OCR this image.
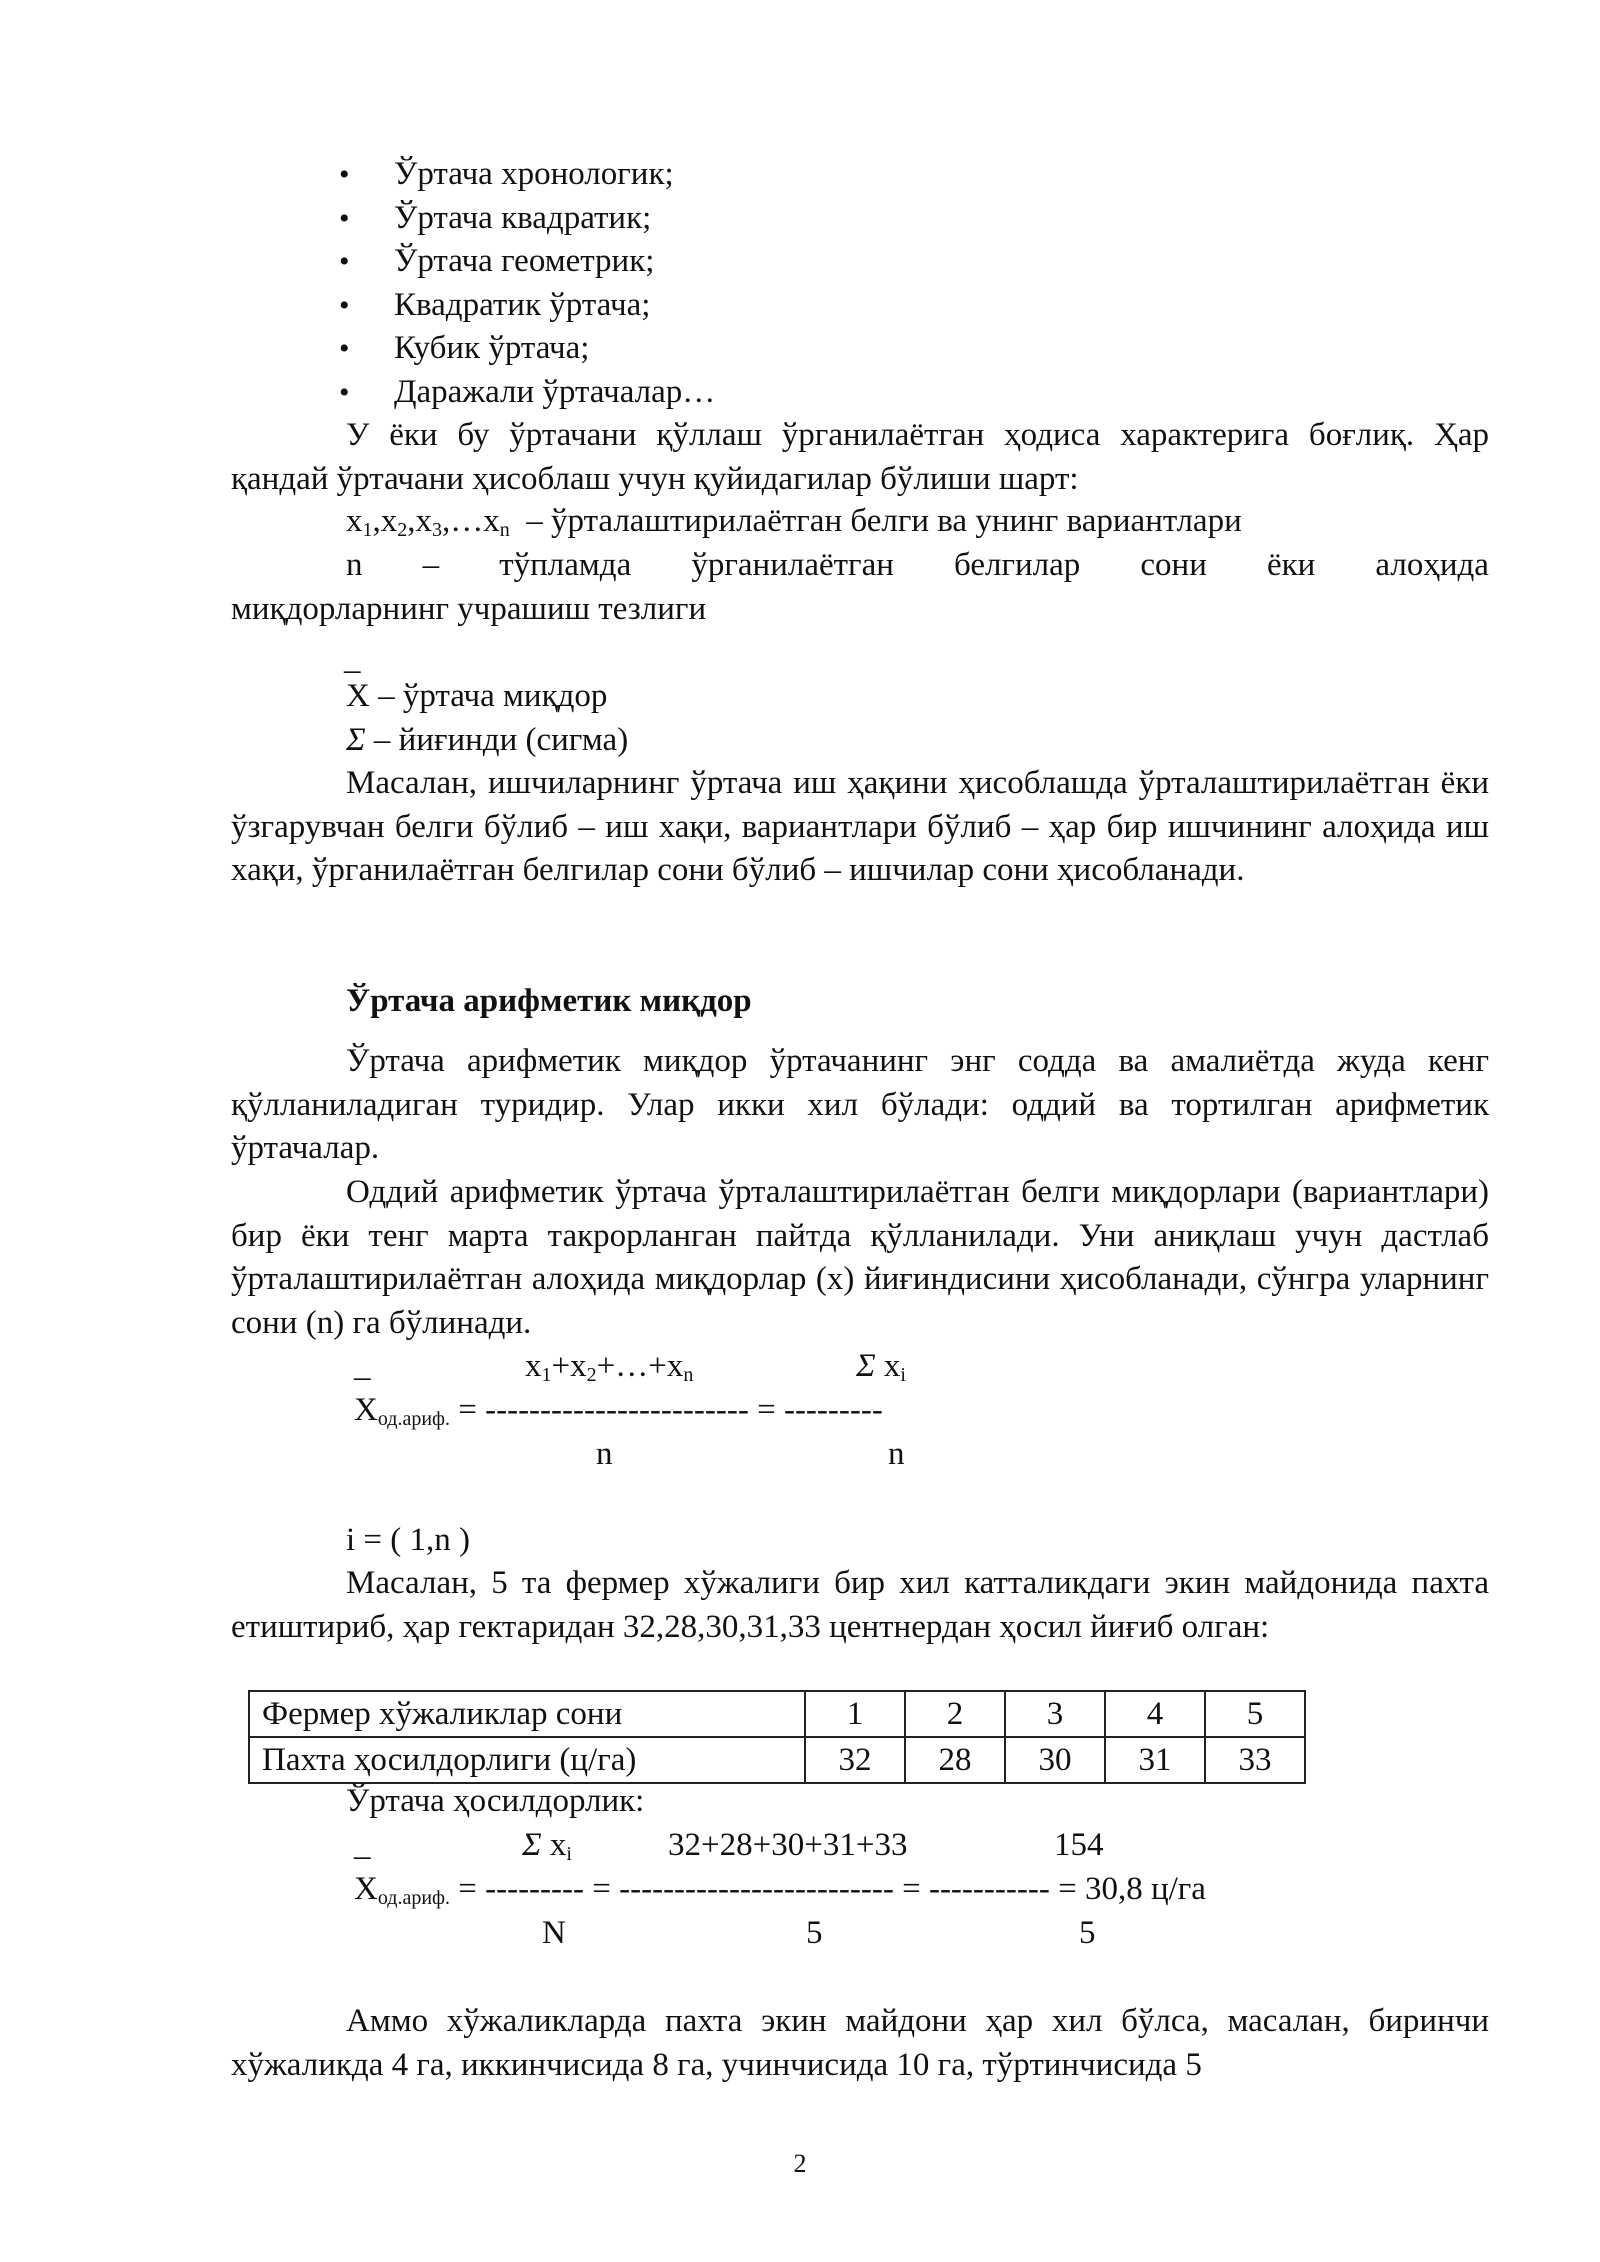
• Ўртача хронологик;
• Ўртача квадратик;
• Ўртача геометрик;
• Квадратик ўртача;
• Кубик ўртача;
• Даражали ўртачалар…

У ёки бу ўртачани қўллаш ўрганилаётган ҳодиса характерига боғлиқ. Ҳар қандай ўртачани ҳисоблаш учун қуйидагилар бўлиши шарт:

$x_1,x_2,x_3,\dots x_n$ – ўрталаштирилаётган белги ва унинг вариантлари
n – тўпламда ўрганилаётган белгилар сони ёки алоҳида
миқдорларнинг учрашиш тезлиги
_
X – ўртача миқдор
Σ – йиғинди (сигма)

Масалан, ишчиларнинг ўртача иш ҳақини ҳисоблашда ўрталаштирилаётган ёки ўзгарувчан белги бўлиб – иш хақи, вариантлари бўлиб – ҳар бир ишчининг алоҳида иш хақи, ўрганилаётган белгилар сони бўлиб – ишчилар сони ҳисобланади.

Ўртача арифметик миқдор

Ўртача арифметик миқдор ўртачанинг энг содда ва амалиётда жуда кенг қўлланиладиган туридир. Улар икки хил бўлади: оддий ва тортилган арифметик ўртачалар.

Оддий арифметик ўртача ўрталаштирилаётган белги миқдорлари (вариантлари) бир ёки тенг марта такрорланган пайтда қўлланилади. Уни аниқлаш учун дастлаб ўрталаштирилаётган алоҳида миқдорлар (х) йиғиндисини ҳисобланади, сўнгра уларнинг сони (n) га бўлинади.

_	$x_1+x_2+\dots+x_n$	Σ $x_i$
$X_{од.ариф.}$ = ------------------------ = ---------
n	n
i = ( 1,n )

Масалан, 5 та фермер хўжалиги бир хил катталикдаги экин майдонида пахта етиштириб, ҳар гектаридан 32,28,30,31,33 центнердан ҳосил йиғиб олган:

Фермер хўжаликлар сони	1	2	3	4	5
Пахта ҳосилдорлиги (ц/га)	32	28	30	31	33
Ўртача ҳосилдорлик:
_	Σ $x_i$	32+28+30+31+33	154
$X_{од.ариф.}$ = --------- = ------------------------- = ----------- = 30,8 ц/га
N	5	5

Аммо хўжаликларда пахта экин майдони ҳар хил бўлса, масалан, биринчи хўжаликда 4 га, иккинчисида 8 га, учинчисида 10 га, тўртинчисида 5

2
